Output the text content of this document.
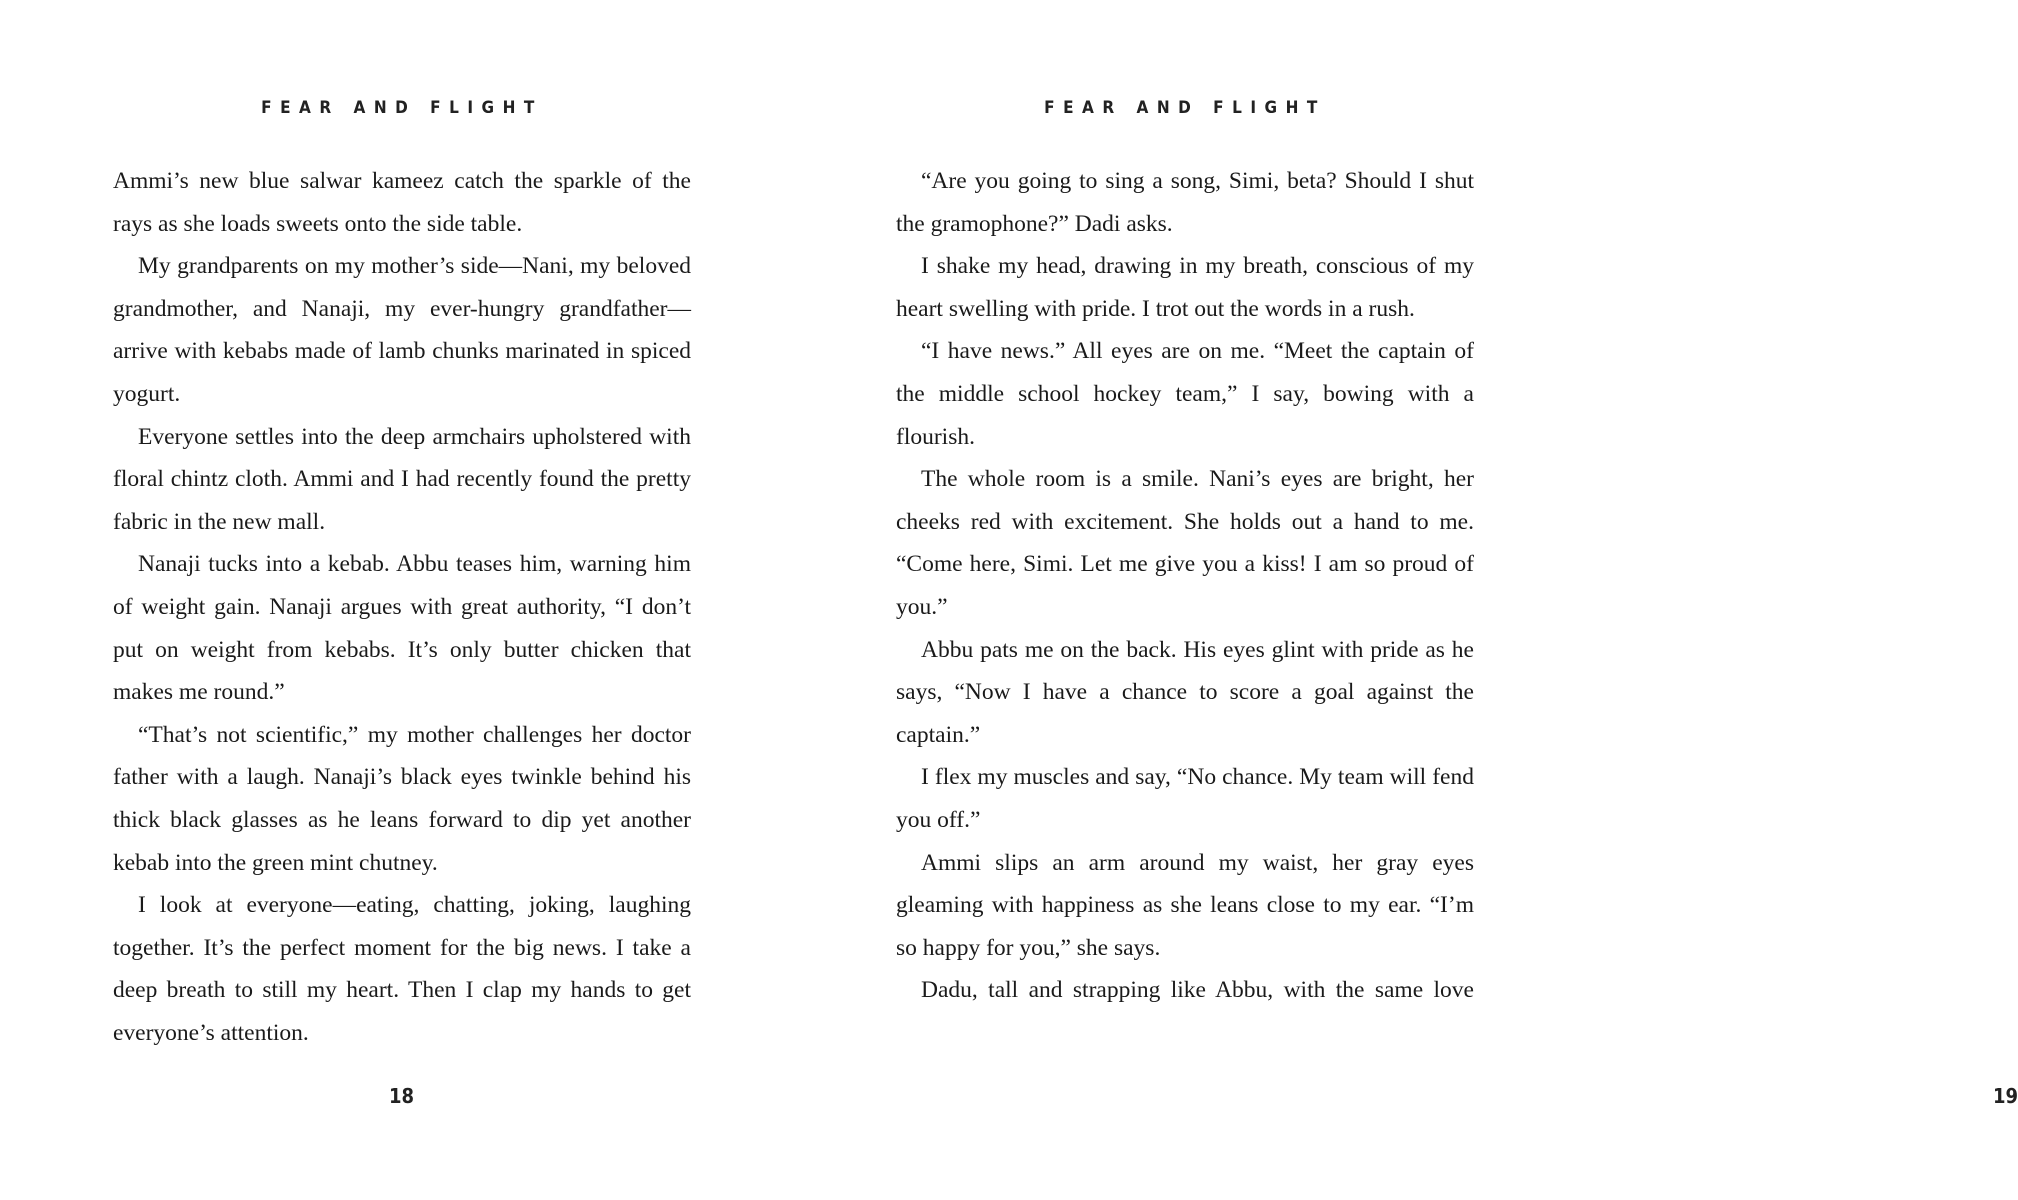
FEAR AND FLIGHT

Ammi’s new blue salwar kameez catch the sparkle of the rays as she loads sweets onto the side table.

My grandparents on my mother’s side—Nani, my beloved grandmother, and Nanaji, my ever-hungry grandfather—arrive with kebabs made of lamb chunks marinated in spiced yogurt.

Everyone settles into the deep armchairs upholstered with floral chintz cloth. Ammi and I had recently found the pretty fabric in the new mall.

Nanaji tucks into a kebab. Abbu teases him, warning him of weight gain. Nanaji argues with great authority, “I don’t put on weight from kebabs. It’s only butter chicken that makes me round.”

“That’s not scientific,” my mother challenges her doctor father with a laugh. Nanaji’s black eyes twinkle behind his thick black glasses as he leans forward to dip yet another kebab into the green mint chutney.

I look at everyone—eating, chatting, joking, laughing together. It’s the perfect moment for the big news. I take a deep breath to still my heart. Then I clap my hands to get everyone’s attention.

18
FEAR AND FLIGHT

“Are you going to sing a song, Simi, beta? Should I shut the gramophone?” Dadi asks.

I shake my head, drawing in my breath, conscious of my heart swelling with pride. I trot out the words in a rush.

“I have news.” All eyes are on me. “Meet the captain of the middle school hockey team,” I say, bowing with a flourish.

The whole room is a smile. Nani’s eyes are bright, her cheeks red with excitement. She holds out a hand to me. “Come here, Simi. Let me give you a kiss! I am so proud of you.”

Abbu pats me on the back. His eyes glint with pride as he says, “Now I have a chance to score a goal against the captain.”

I flex my muscles and say, “No chance. My team will fend you off.”

Ammi slips an arm around my waist, her gray eyes gleaming with happiness as she leans close to my ear. “I’m so happy for you,” she says.

Dadu, tall and strapping like Abbu, with the same love

19
